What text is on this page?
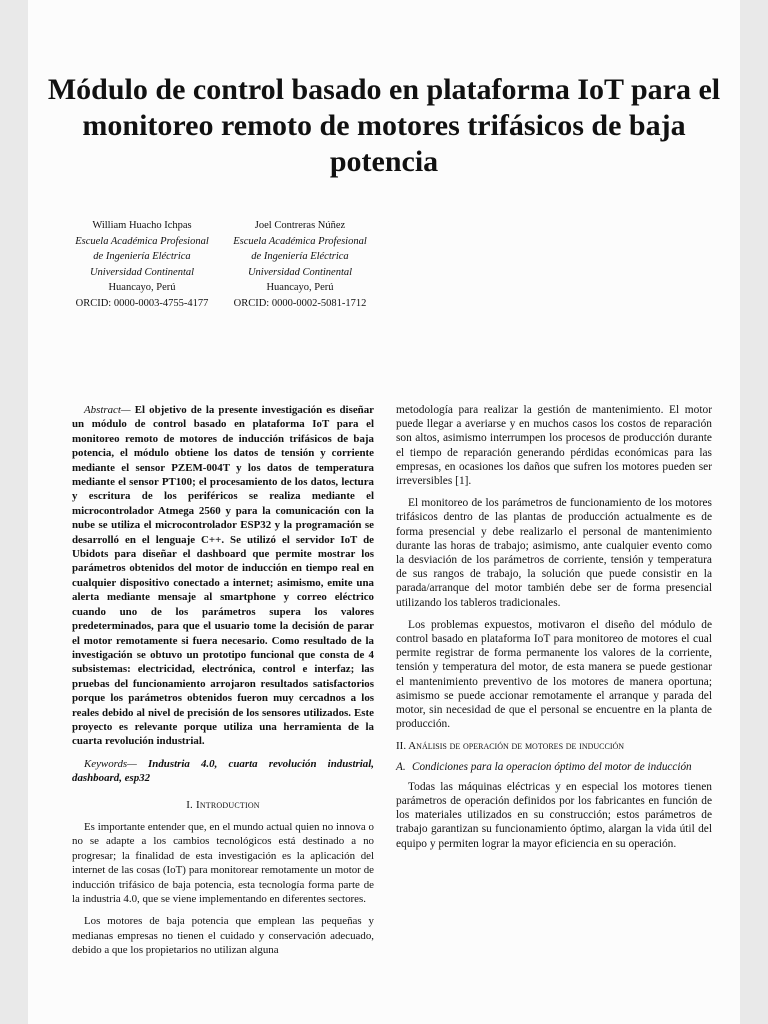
Módulo de control basado en plataforma IoT para el monitoreo remoto de motores trifásicos de baja potencia
William Huacho Ichpas
Escuela Académica Profesional
de Ingeniería Eléctrica
Universidad Continental
Huancayo, Perú
ORCID: 0000-0003-4755-4177
Joel Contreras Núñez
Escuela Académica Profesional
de Ingeniería Eléctrica
Universidad Continental
Huancayo, Perú
ORCID: 0000-0002-5081-1712

Abstract— El objetivo de la presente investigación es diseñar un módulo de control basado en plataforma IoT para el monitoreo remoto de motores de inducción trifásicos de baja potencia, el módulo obtiene los datos de tensión y corriente mediante el sensor PZEM-004T y los datos de temperatura mediante el sensor PT100; el procesamiento de los datos, lectura y escritura de los periféricos se realiza mediante el microcontrolador Atmega 2560 y para la comunicación con la nube se utiliza el microcontrolador ESP32 y la programación se desarrolló en el lenguaje C++. Se utilizó el servidor IoT de Ubidots para diseñar el dashboard que permite mostrar los parámetros obtenidos del motor de inducción en tiempo real en cualquier dispositivo conectado a internet; asimismo, emite una alerta mediante mensaje al smartphone y correo eléctrico cuando uno de los parámetros supera los valores predeterminados, para que el usuario tome la decisión de parar el motor remotamente si fuera necesario. Como resultado de la investigación se obtuvo un prototipo funcional que consta de 4 subsistemas: electricidad, electrónica, control e interfaz; las pruebas del funcionamiento arrojaron resultados satisfactorios porque los parámetros obtenidos fueron muy cercadnos a los reales debido al nivel de precisión de los sensores utilizados. Este proyecto es relevante porque utiliza una herramienta de la cuarta revolución industrial.

Keywords— Industria 4.0, cuarta revolución industrial, dashboard, esp32

I. Introduction

Es importante entender que, en el mundo actual quien no innova o no se adapte a los cambios tecnológicos está destinado a no progresar; la finalidad de esta investigación es la aplicación del internet de las cosas (IoT) para monitorear remotamente un motor de inducción trifásico de baja potencia, esta tecnología forma parte de la industria 4.0, que se viene implementando en diferentes sectores.

Los motores de baja potencia que emplean las pequeñas y medianas empresas no tienen el cuidado y conservación adecuado, debido a que los propietarios no utilizan alguna

metodología para realizar la gestión de mantenimiento. El motor puede llegar a averiarse y en muchos casos los costos de reparación son altos, asimismo interrumpen los procesos de producción durante el tiempo de reparación generando pérdidas económicas para las empresas, en ocasiones los daños que sufren los motores pueden ser irreversibles [1].

El monitoreo de los parámetros de funcionamiento de los motores trifásicos dentro de las plantas de producción actualmente es de forma presencial y debe realizarlo el personal de mantenimiento durante las horas de trabajo; asimismo, ante cualquier evento como la desviación de los parámetros de corriente, tensión y temperatura de sus rangos de trabajo, la solución que puede consistir en la parada/arranque del motor también debe ser de forma presencial utilizando los tableros tradicionales.

Los problemas expuestos, motivaron el diseño del módulo de control basado en plataforma IoT para monitoreo de motores el cual permite registrar de forma permanente los valores de la corriente, tensión y temperatura del motor, de esta manera se puede gestionar el mantenimiento preventivo de los motores de manera oportuna; asimismo se puede accionar remotamente el arranque y parada del motor, sin necesidad de que el personal se encuentre en la planta de producción.

II. Análisis de operación de motores de inducción
A. Condiciones para la operacion óptimo del motor de inducción

Todas las máquinas eléctricas y en especial los motores tienen parámetros de operación definidos por los fabricantes en función de los materiales utilizados en su construcción; estos parámetros de trabajo garantizan su funcionamiento óptimo, alargan la vida útil del equipo y permiten lograr la mayor eficiencia en su operación.
